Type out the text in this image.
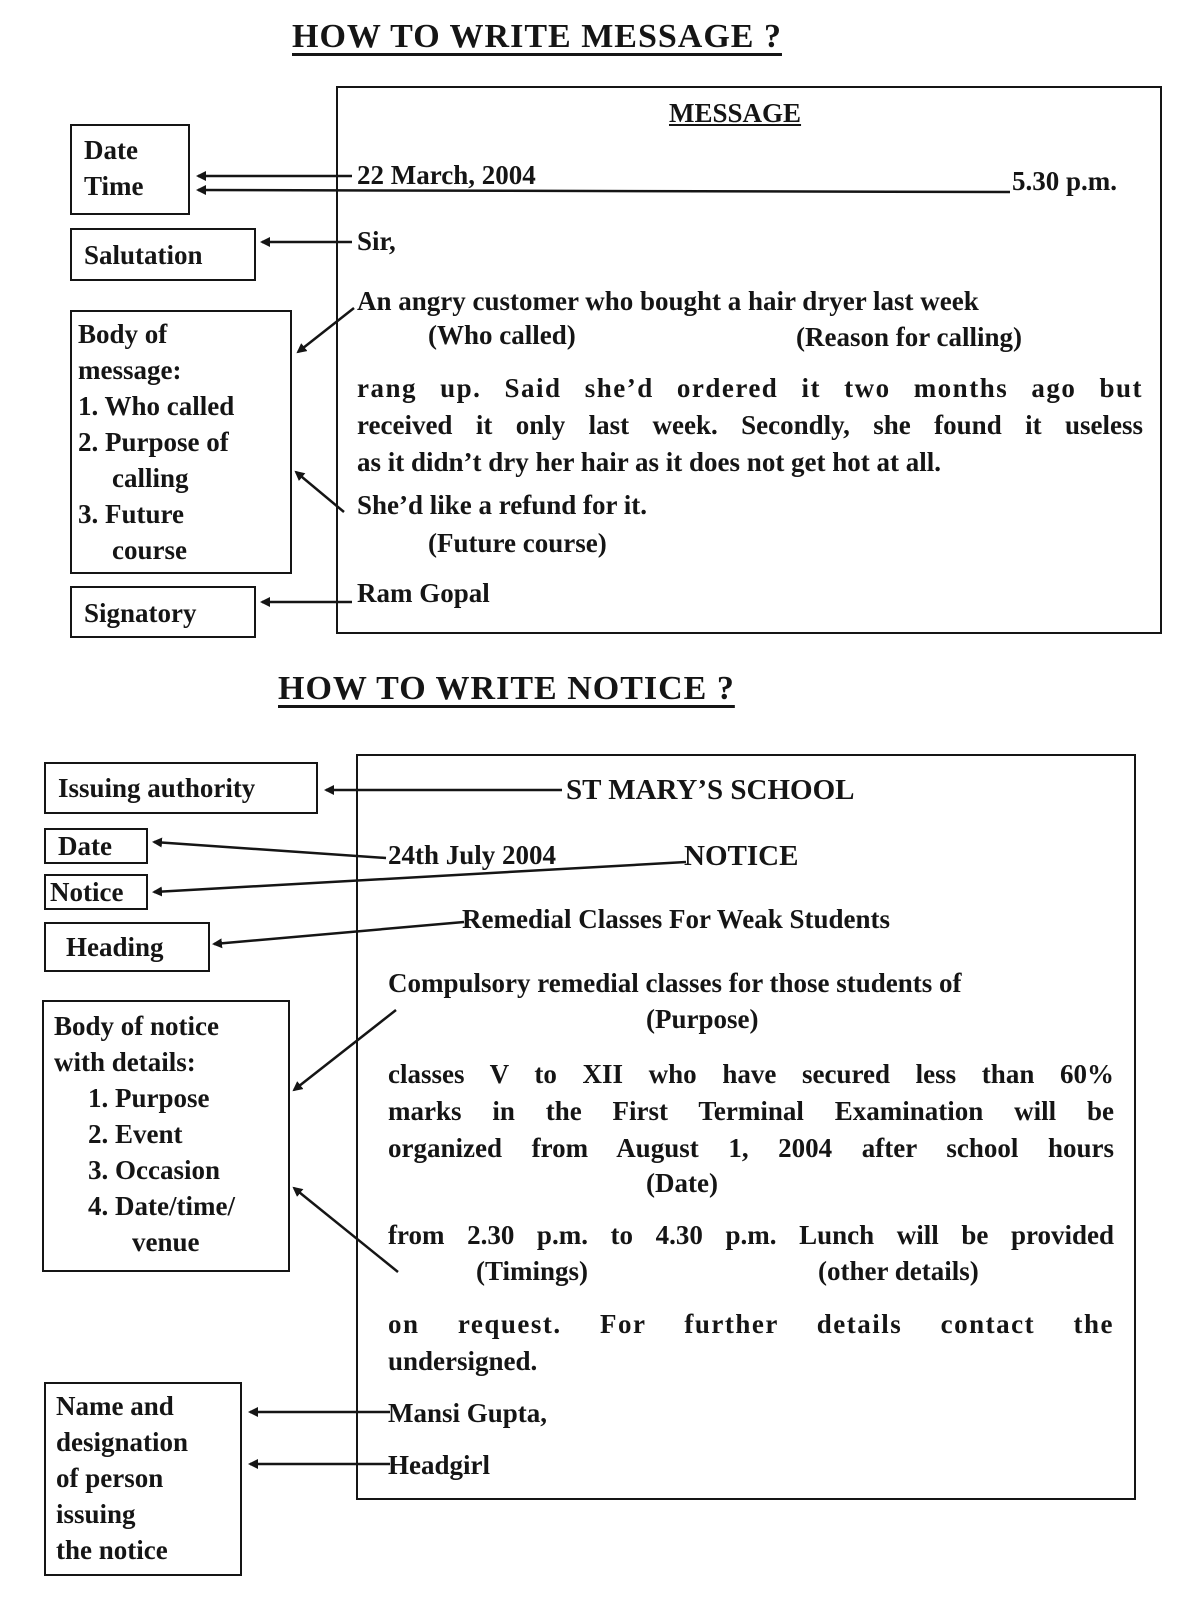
HOW TO WRITE MESSAGE ?
Date
Time
Salutation
Body of
message:
1. Who called
2. Purpose of
calling
3. Future
course
Signatory
MESSAGE
22 March, 2004	5.30 p.m.
Sir,
An angry customer who bought a hair dryer last week
(Who called)	(Reason for calling)

rang up. Said she’d ordered it two months ago but

received it only last week. Secondly, she found it useless

as it didn’t dry her hair as it does not get hot at all.

She’d like a refund for it.
(Future course)
Ram Gopal
HOW TO WRITE NOTICE ?
Issuing authority
Date
Notice
Heading
Body of notice
with details:
1. Purpose
2. Event
3. Occasion
4. Date/time/
venue
Name and
designation
of person
issuing
the notice
ST MARY’S SCHOOL
24th July 2004	NOTICE
Remedial Classes For Weak Students
Compulsory remedial classes for those students of
(Purpose)

classes V to XII who have secured less than 60%

marks in the First Terminal Examination will be

organized from August 1, 2004 after school hours

(Date)
from 2.30 p.m. to 4.30 p.m. Lunch will be provided
(Timings)	(other details)

on request. For further details contact the

undersigned.

Mansi Gupta,
Headgirl
